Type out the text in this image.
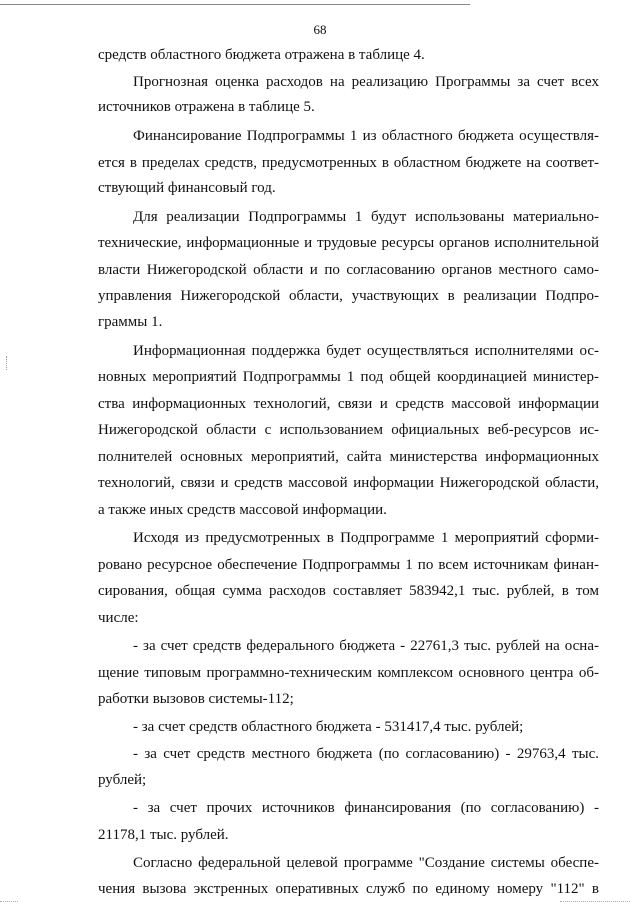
68
средств областного бюджета отражена в таблице 4.
Прогнозная оценка расходов на реализацию Программы за счет всех
источников отражена в таблице 5.
Финансирование Подпрограммы 1 из областного бюджета осуществля-
ется в пределах средств, предусмотренных в областном бюджете на соответ-
ствующий финансовый год.
Для реализации Подпрограммы 1 будут использованы материально-
технические, информационные и трудовые ресурсы органов исполнительной
власти Нижегородской области и по согласованию органов местного само-
управления Нижегородской области, участвующих в реализации Подпро-
граммы 1.
Информационная поддержка будет осуществляться исполнителями ос-
новных мероприятий Подпрограммы 1 под общей координацией министер-
ства информационных технологий, связи и средств массовой информации
Нижегородской области с использованием официальных веб-ресурсов ис-
полнителей основных мероприятий, сайта министерства информационных
технологий, связи и средств массовой информации Нижегородской области,
а также иных средств массовой информации.
Исходя из предусмотренных в Подпрограмме 1 мероприятий сформи-
ровано ресурсное обеспечение Подпрограммы 1 по всем источникам финан-
сирования, общая сумма расходов составляет 583942,1 тыс. рублей, в том
числе:
- за счет средств федерального бюджета - 22761,3 тыс. рублей на осна-
щение типовым программно-техническим комплексом основного центра об-
работки вызовов системы-112;
- за счет средств областного бюджета - 531417,4 тыс. рублей;
- за счет средств местного бюджета (по согласованию) - 29763,4 тыс.
рублей;
- за счет прочих источников финансирования (по согласованию) -
21178,1 тыс. рублей.
Согласно федеральной целевой программе "Создание системы обеспе-
чения вызова экстренных оперативных служб по единому номеру "112" в
